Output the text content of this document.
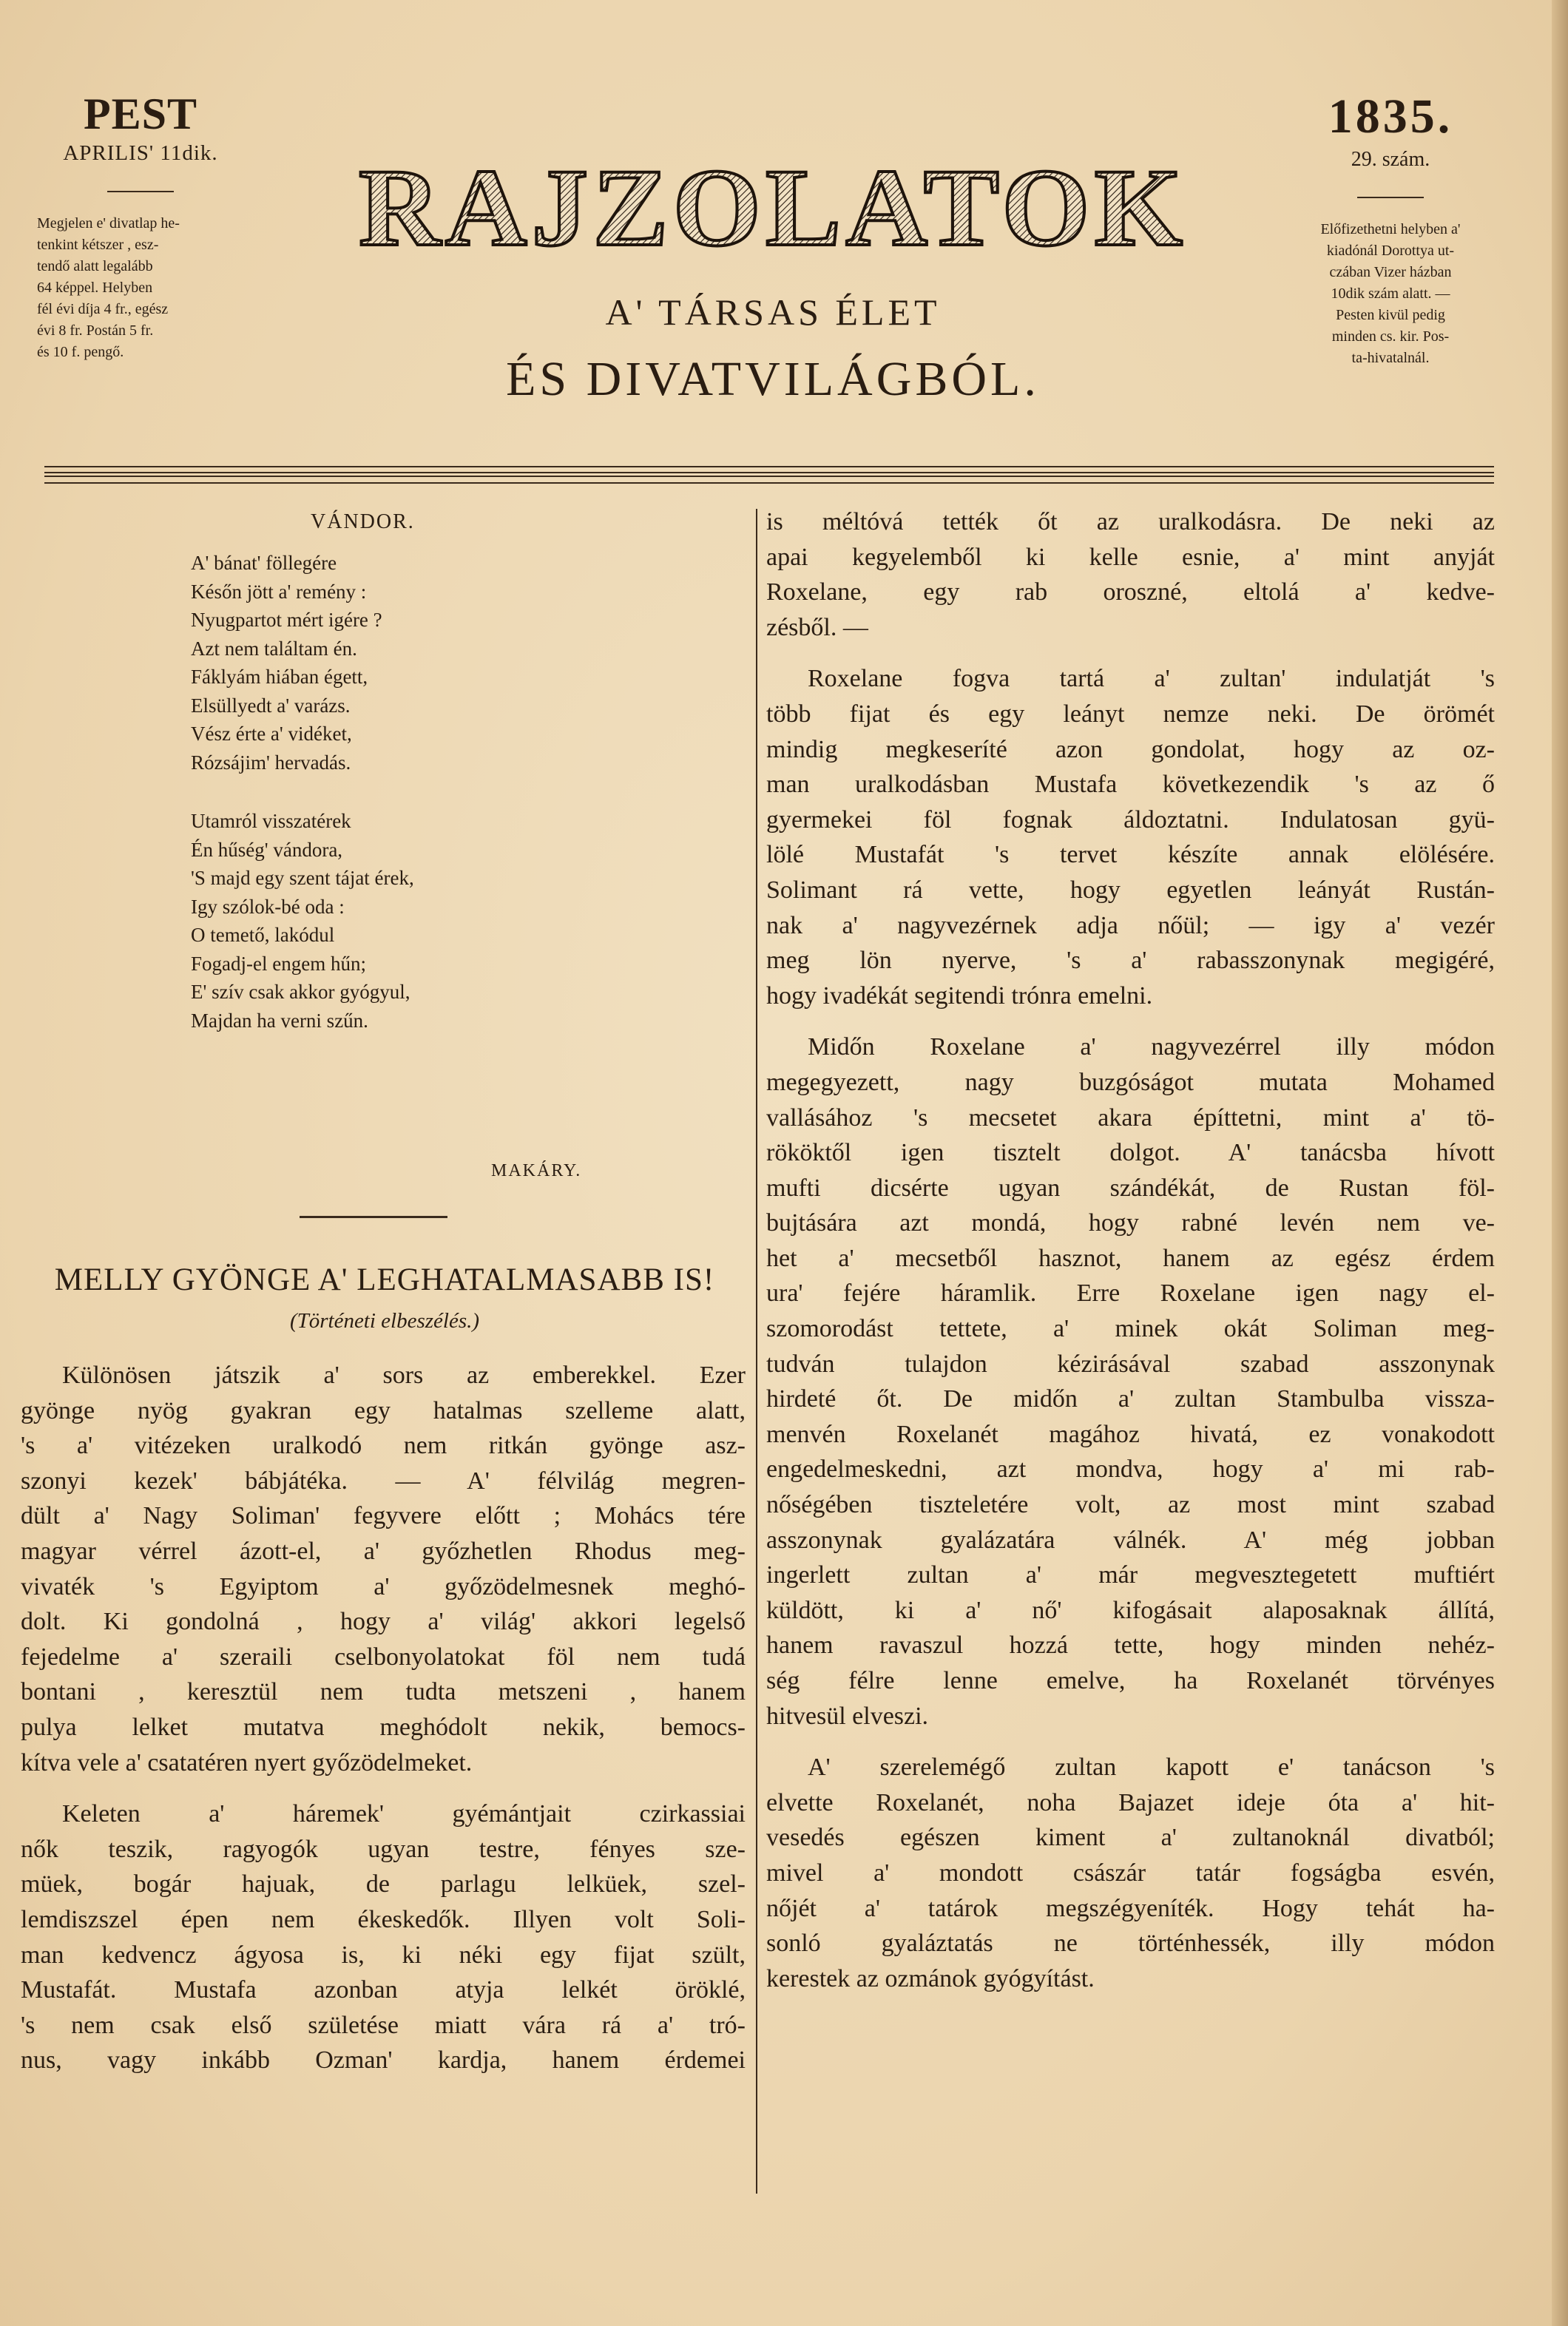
PEST
APRILIS' 11dik.
Megjelen e' divatlap he-
tenkint kétszer , esz-
tendő alatt legalább
64 képpel. Helyben
fél évi díja 4 fr., egész
évi 8 fr. Postán 5 fr.
és 10 f. pengő.
RAJZOLATOK
A' TÁRSAS ÉLET
ÉS DIVATVILÁGBÓL.
1835.
29. szám.
Előfizethetni helyben a'
kiadónál Dorottya ut-
czában Vizer házban
10dik szám alatt. —
Pesten kivül pedig
minden cs. kir. Pos-
ta-hivatalnál.
VÁNDOR.
A' bánat' föllegére
Későn jött a' remény :
Nyugpartot mért igére ?
Azt nem találtam én.
Fáklyám hiában égett,
Elsüllyedt a' varázs.
Vész érte a' vidéket,
Rózsájim' hervadás.
Utamról visszatérek
Én hűség' vándora,
'S majd egy szent tájat érek,
Igy szólok-bé oda :
O temető, lakódul
Fogadj-el engem hűn;
E' szív csak akkor gyógyul,
Majdan ha verni szűn.
MAKÁRY.
MELLY GYÖNGE A' LEGHATALMASABB IS!
(Történeti elbeszélés.)
Különösen játszik a' sors az emberekkel. Ezer
gyönge nyög gyakran egy hatalmas szelleme alatt,
's a' vitézeken uralkodó nem ritkán gyönge asz-
szonyi kezek' bábjátéka. — A' félvilág megren-
dült a' Nagy Soliman' fegyvere előtt ; Mohács tére
magyar vérrel ázott-el, a' győzhetlen Rhodus meg-
vivaték 's Egyiptom a' győzödelmesnek meghó-
dolt. Ki gondolná , hogy a' világ' akkori legelső
fejedelme a' szeraili cselbonyolatokat föl nem tudá
bontani , keresztül nem tudta metszeni , hanem
pulya lelket mutatva meghódolt nekik, bemocs-
kítva vele a' csatatéren nyert győzödelmeket.
Keleten a' háremek' gyémántjait czirkassiai
nők teszik, ragyogók ugyan testre, fényes sze-
müek, bogár hajuak, de parlagu lelküek, szel-
lemdiszszel épen nem ékeskedők. Illyen volt Soli-
man kedvencz ágyosa is, ki néki egy fijat szült,
Mustafát. Mustafa azonban atyja lelkét öröklé,
's nem csak első születése miatt vára rá a' tró-
nus, vagy inkább Ozman' kardja, hanem érdemei
is méltóvá tették őt az uralkodásra. De neki az
apai kegyelemből ki kelle esnie, a' mint anyját
Roxelane, egy rab oroszné, eltolá a' kedve-
zésből. —
Roxelane fogva tartá a' zultan' indulatját 's
több fijat és egy leányt nemze neki. De örömét
mindig megkeseríté azon gondolat, hogy az oz-
man uralkodásban Mustafa következendik 's az ő
gyermekei föl fognak áldoztatni. Indulatosan gyü-
lölé Mustafát 's tervet készíte annak elölésére.
Solimant rá vette, hogy egyetlen leányát Rustán-
nak a' nagyvezérnek adja nőül; — igy a' vezér
meg lön nyerve, 's a' rabasszonynak megigéré,
hogy ivadékát segitendi trónra emelni.
Midőn Roxelane a' nagyvezérrel illy módon
megegyezett, nagy buzgóságot mutata Mohamed
vallásához 's mecsetet akara építtetni, mint a' tö-
rököktől igen tisztelt dolgot. A' tanácsba hívott
mufti dicsérte ugyan szándékát, de Rustan föl-
bujtására azt mondá, hogy rabné levén nem ve-
het a' mecsetből hasznot, hanem az egész érdem
ura' fejére háramlik. Erre Roxelane igen nagy el-
szomorodást tettete, a' minek okát Soliman meg-
tudván tulajdon kézirásával szabad asszonynak
hirdeté őt. De midőn a' zultan Stambulba vissza-
menvén Roxelanét magához hivatá, ez vonakodott
engedelmeskedni, azt mondva, hogy a' mi rab-
nőségében tiszteletére volt, az most mint szabad
asszonynak gyalázatára válnék. A' még jobban
ingerlett zultan a' már megvesztegetett muftiért
küldött, ki a' nő' kifogásait alaposaknak állítá,
hanem ravaszul hozzá tette, hogy minden nehéz-
ség félre lenne emelve, ha Roxelanét törvényes
hitvesül elveszi.
A' szerelemégő zultan kapott e' tanácson 's
elvette Roxelanét, noha Bajazet ideje óta a' hit-
vesedés egészen kiment a' zultanoknál divatból;
mivel a' mondott császár tatár fogságba esvén,
nőjét a' tatárok megszégyeníték. Hogy tehát ha-
sonló gyaláztatás ne történhessék, illy módon
kerestek az ozmánok gyógyítást.
